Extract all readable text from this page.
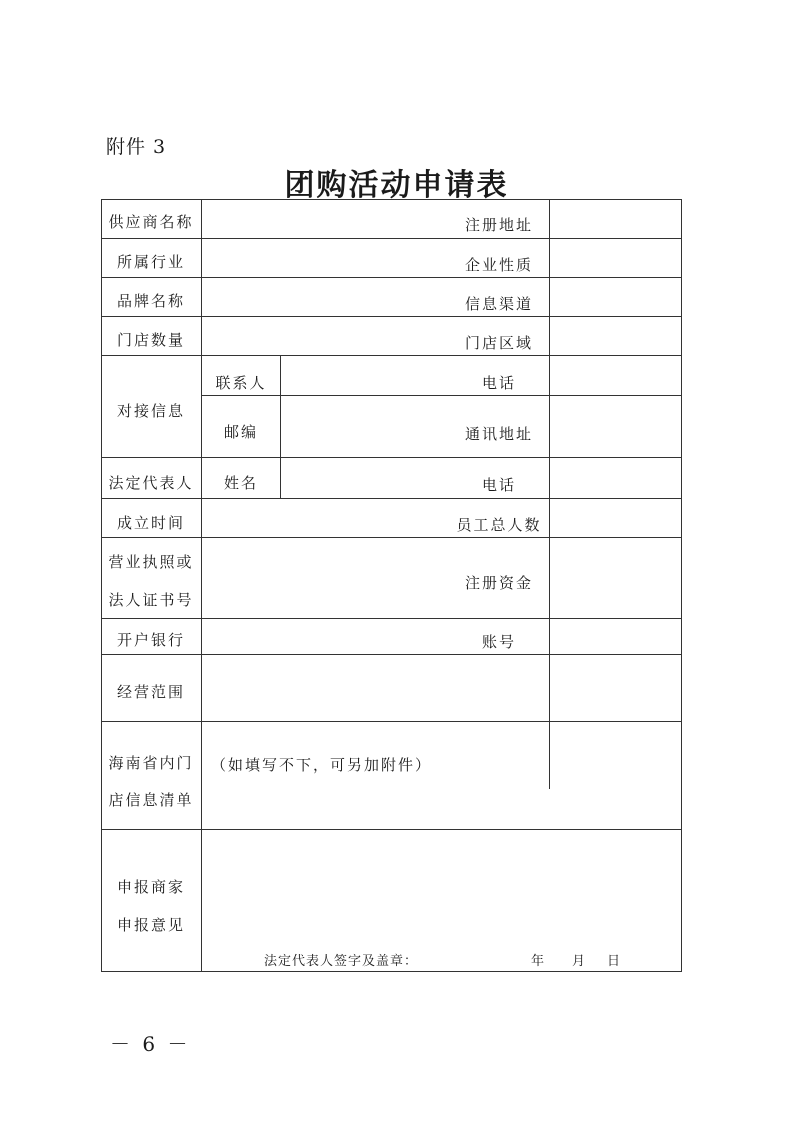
附件 3
团购活动申请表
供应商名称
所属行业
品牌名称
门店数量
对接信息
法定代表人
成立时间
营业执照或
法人证书号
开户银行
经营范围
海南省内门
店信息清单
申报商家
申报意见
联系人
邮编
姓名
注册地址
企业性质
信息渠道
门店区域
电话
通讯地址
电话
员工总人数
注册资金
账号
（如填写不下，可另加附件）
法定代表人签字及盖章：	年 月 日
－ 6 －
